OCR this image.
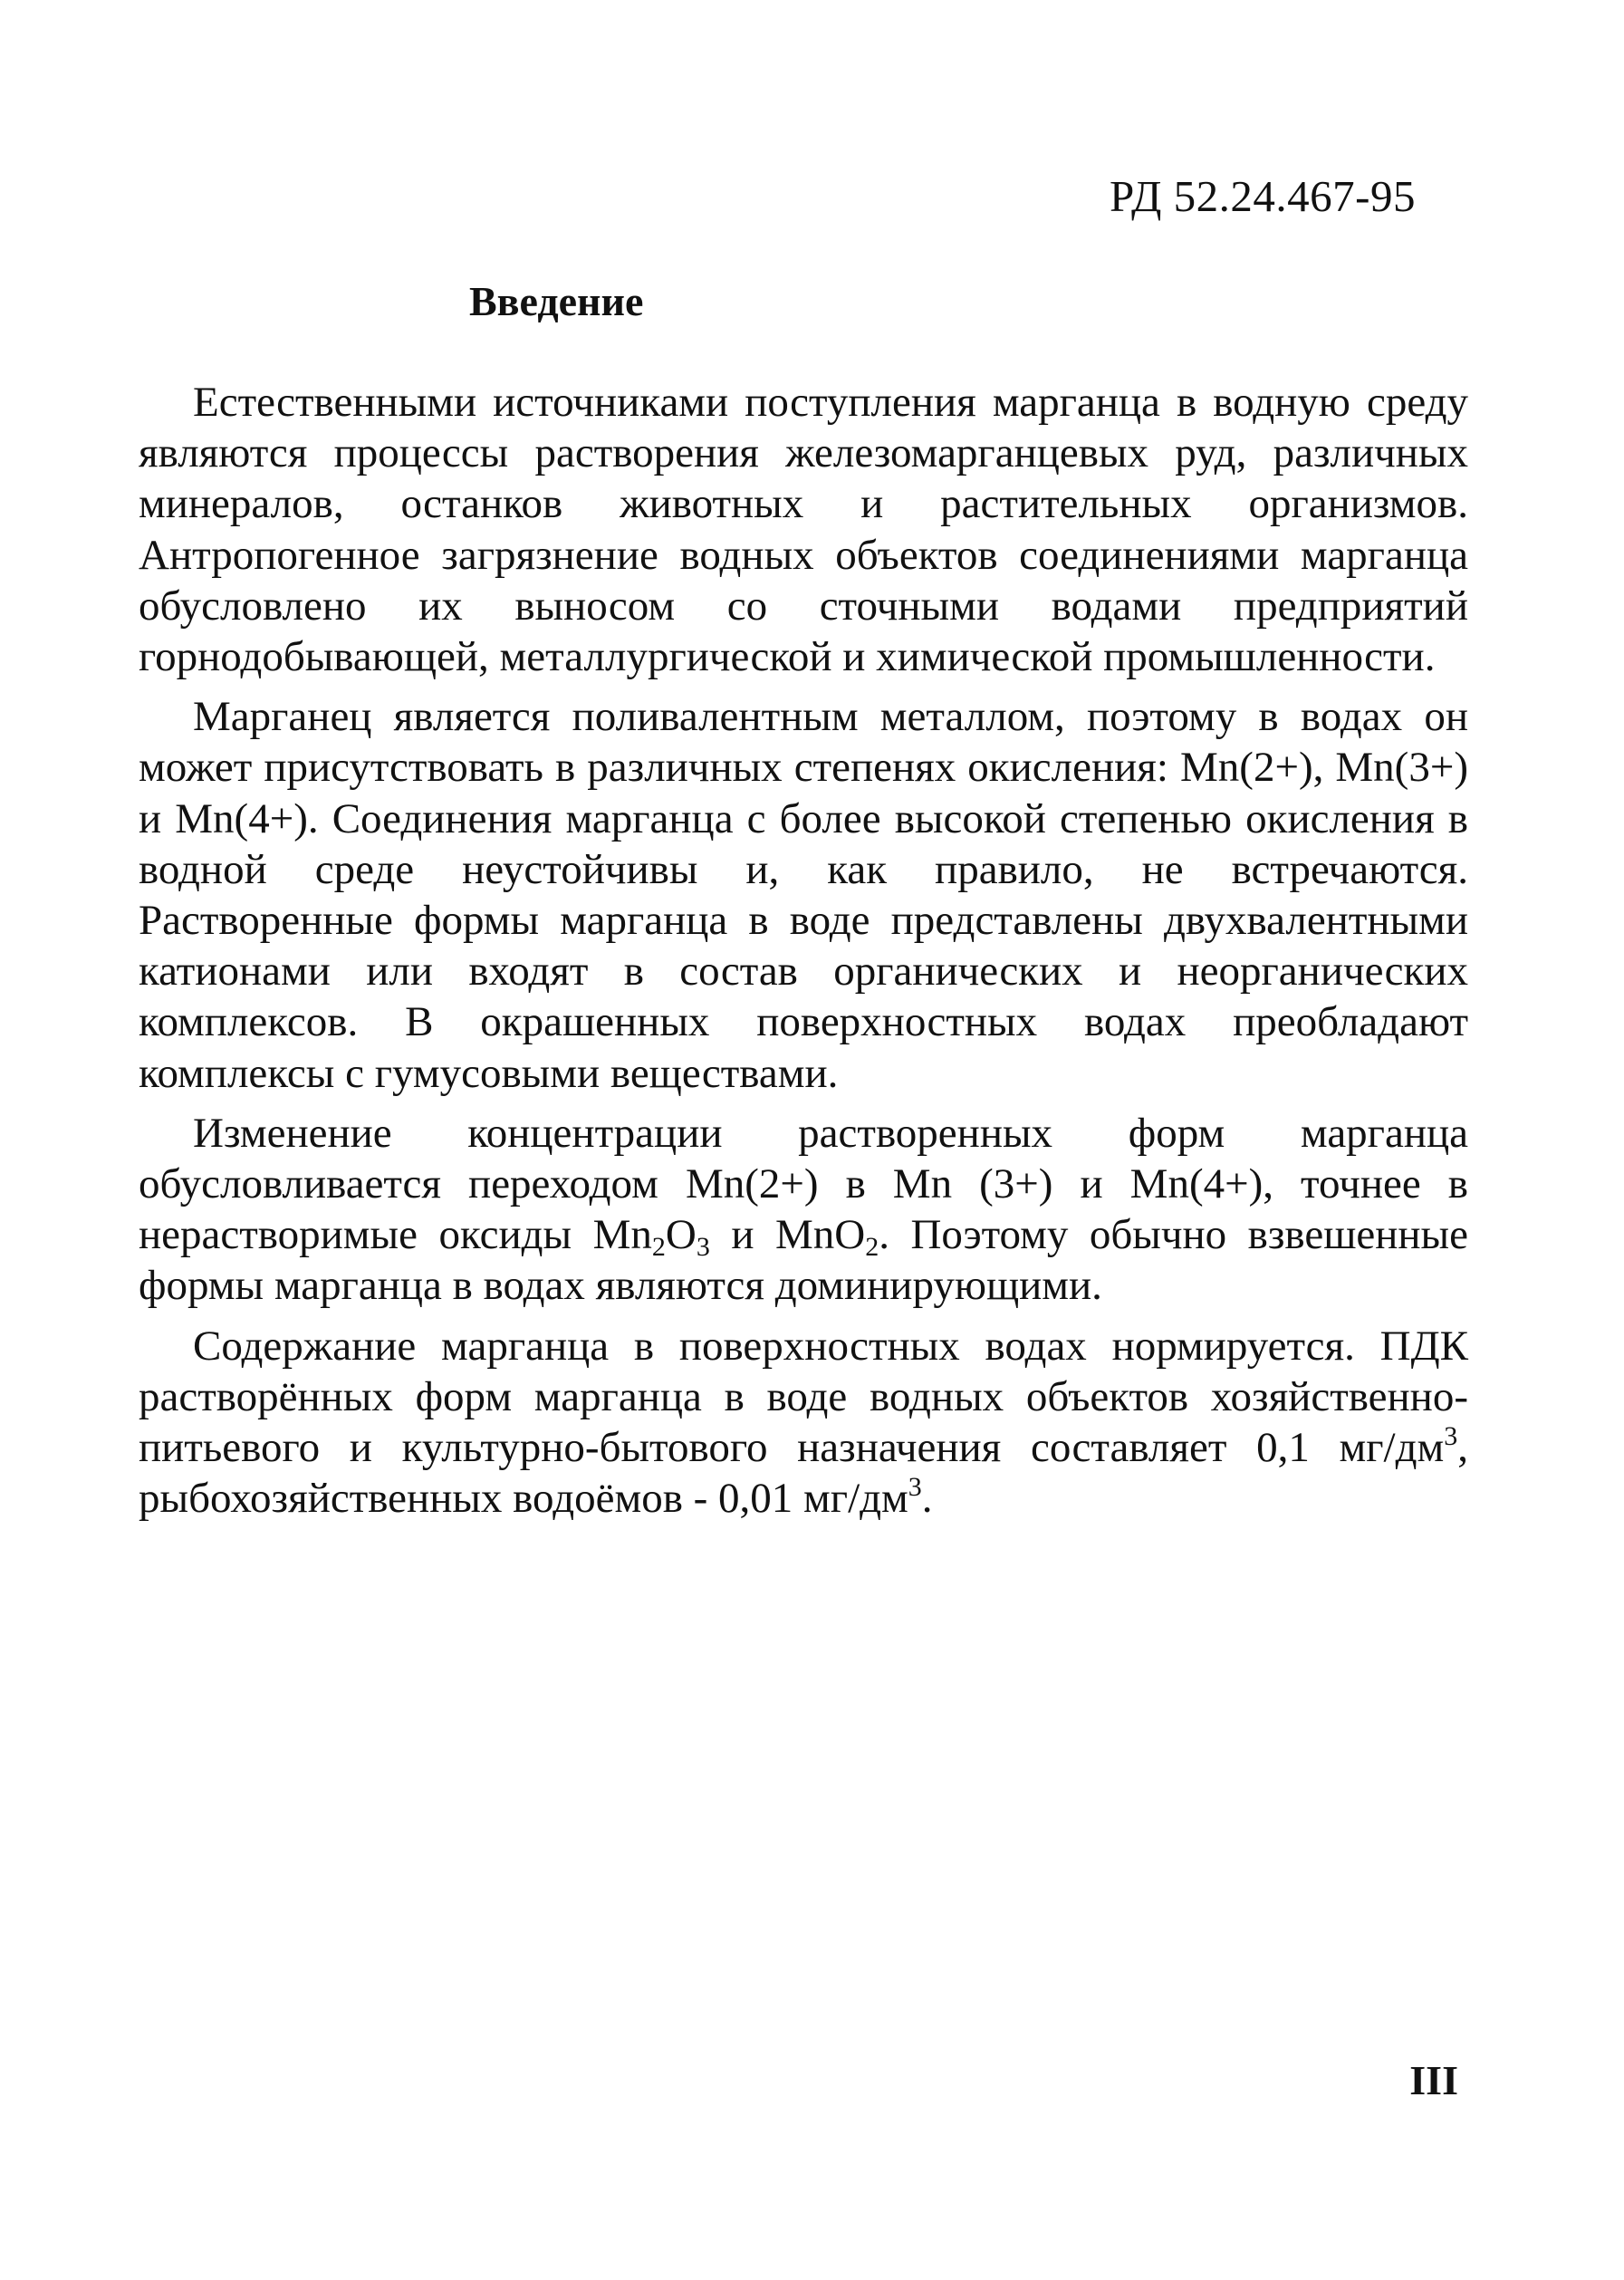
РД 52.24.467-95
Введение

Естественными источниками поступления марганца в водную среду являются процессы растворения железомарганцевых руд, различных минералов, останков животных и растительных организмов. Антропогенное загрязнение водных объектов соединениями марганца обусловлено их выносом со сточными водами предприятий горнодобывающей, металлургической и химической промышленности.

Марганец является поливалентным металлом, поэтому в водах он может присутствовать в различных степенях окисления: Mn(2+), Mn(3+) и Mn(4+). Соединения марганца с более высокой степенью окисления в водной среде неустойчивы и, как правило, не встречаются. Растворенные формы марганца в воде представлены двухвалентными катионами или входят в состав органических и неорганических комплексов. В окрашенных поверхностных водах преобладают комплексы с гумусовыми веществами.

Изменение концентрации растворенных форм марганца обусловливается переходом Mn(2+) в Mn (3+) и Mn(4+), точнее в нерастворимые оксиды $Mn_2O_3$ и MnO$_2$. Поэтому обычно взвешенные формы марганца в водах являются доминирующими.

Содержание марганца в поверхностных водах нормируется. ПДК растворённых форм марганца в воде водных объектов хозяйственно-питьевого и культурно-бытового назначения составляет 0,1 $мг/дм^3$, рыбохозяйственных водоёмов - 0,01 $мг/дм^3$.

III
